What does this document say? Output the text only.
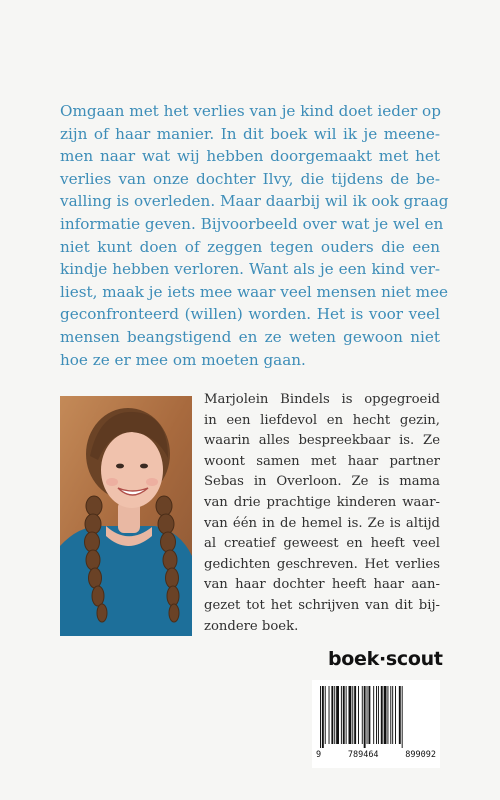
Omgaan met het verlies van je kind doet ieder op
zijn of haar manier. In dit boek wil ik je meene-
men naar wat wij hebben doorgemaakt met het
verlies van onze dochter Ilvy, die tijdens de be-
valling is overleden. Maar daarbij wil ik ook graag
informatie geven. Bijvoorbeeld over wat je wel en
niet kunt doen of zeggen tegen ouders die een
kindje hebben verloren. Want als je een kind ver-
liest, maak je iets mee waar veel mensen niet mee
geconfronteerd (willen) worden. Het is voor veel
mensen beangstigend en ze weten gewoon niet
hoe ze er mee om moeten gaan.
Marjolein Bindels is opgegroeid
in een liefdevol en hecht gezin,
waarin alles bespreekbaar is. Ze
woont samen met haar partner
Sebas in Overloon. Ze is mama
van drie prachtige kinderen waar-
van één in de hemel is. Ze is altijd
al creatief geweest en heeft veel
gedichten geschreven. Het verlies
van haar dochter heeft haar aan-
gezet tot het schrijven van dit bij-
zondere boek.
boek·scout
9	789464	899092
